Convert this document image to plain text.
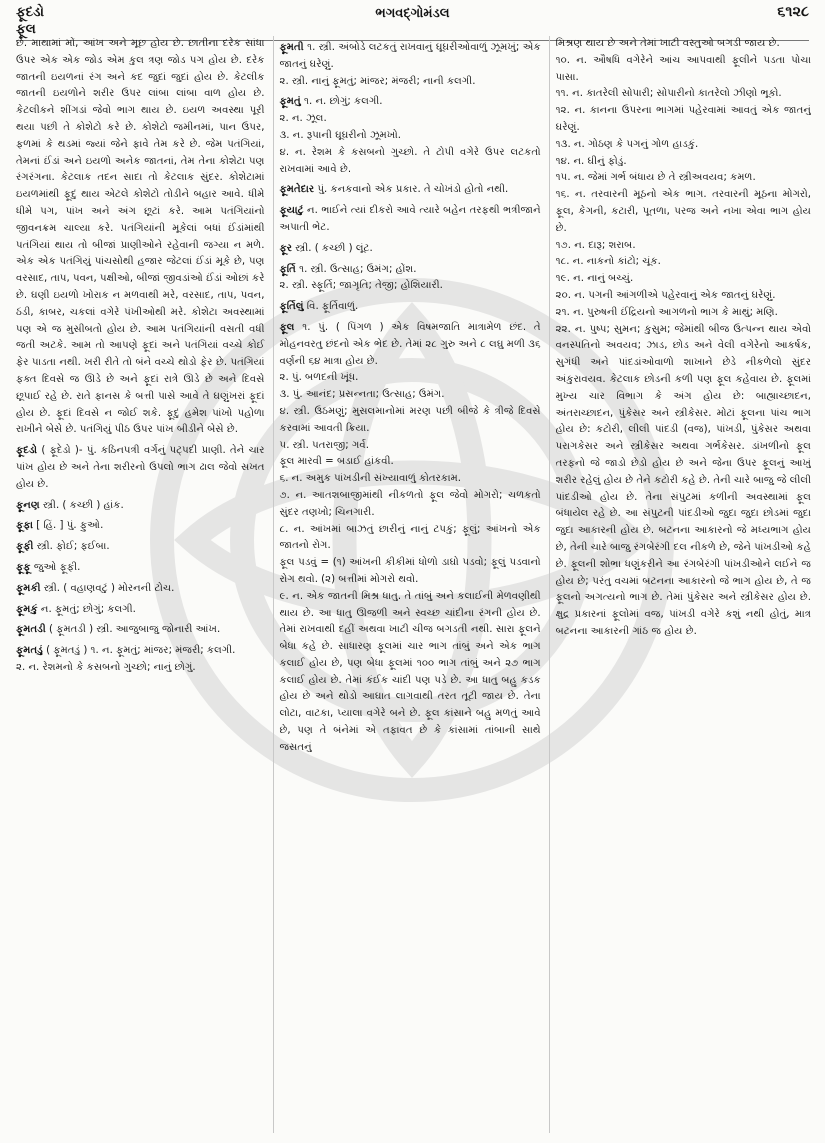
ફૂદડો
ફૂલ
ભગવદ્ગોમંડલ	૬૧૨૮

છે. માથામાં મોં, આંખ અને મૂછ હોય છે. છાતીના દરેક સાંધા ઉપર એક એક જોડ એમ કુલ ત્રણ જોડ પગ હોય છે. દરેક જાતની ઇયળનાં રંગ અને કદ જુદાં જુદાં હોય છે. કેટલીક જાતની ઇયળોને શરીર ઉપર લાંબા લાંબા વાળ હોય છે. કેટલીકને શીંગડાં જેવો ભાગ થાય છે. ઇયળ અવસ્થા પૂરી થયા પછી તે કોશેટો કરે છે. કોશેટો જમીનમાં, પાન ઉપર, ફળમાં કે થડમાં જ્યાં જેને ફાવે તેમ કરે છે. જેમ પતંગિયાં, તેમનાં ઈંડાં અને ઇયળો અનેક જાતનાં, તેમ તેના કોશેટા પણ રંગરંગના. કેટલાક તદન સાદા તો કેટલાક સુંદર. કોશેટામાં ઇયળમાંથી ફૂદું થાય એટલે કોશેટો તોડીને બહાર આવે. ધીમે ધીમે પગ, પાંખ અને અંગ છૂટાં કરે. આમ પતંગિયાંનો જીવનક્રમ ચાલ્યા કરે. પતંગિયાંની મૂકેલાં બધાં ઈંડાંમાંથી પતંગિયાં થાય તો બીજાં પ્રાણીઓને રહેવાની જગ્યા ન મળે. એક એક પતંગિયું પાંચસોથી હજાર જેટલાં ઈંડાં મૂકે છે, પણ વરસાદ, તાપ, પવન, પક્ષીઓ, બીજાં જીવડાંઓ ઈંડાં ઓછાં કરે છે. ઘણી ઇયળો ખોરાક ન મળવાથી મરે, વરસાદ, તાપ, પવન, ઠંડી, કાબર, ચકલાં વગેરે પંખીઓથી મરે. કોશેટા અવસ્થામાં પણ એ જ મુસીબતો હોય છે. આમ પતંગિયાંની વસતી વધી જતી અટકે. આમ તો આપણે ફૂદાં અને પતંગિયાં વચ્ચે કોઈ ફેર પાડતા નથી. ખરી રીતે તો બંને વચ્ચે થોડો ફેર છે. પતંગિયાં ફક્ત દિવસે જ ઊડે છે અને ફૂદાં રાત્રે ઊડે છે અને દિવસે છૂપાઈ રહે છે. રાતે ફાનસ કે બત્તી પાસે આવે તે ઘણુંખરાં ફૂદાં હોય છે. ફૂદાં દિવસે ન જોઈ શકે. ફૂદું હમેશ પાંખો પહોળા રાખીને બેસે છે. પતંગિયું પીઠ ઉપર પાંખ બીડીને બેસે છે.

ફૂદડો ( ફૂદેડો )- પું. કઠિનપત્રી વર્ગનું પટ્પદી પ્રાણી. તેને ચાર પાંખ હોય છે અને તેના શરીરનો ઉપલો ભાગ ઢાલ જેવો સખત હોય છે.

ફૂનણ સ્ત્રી. ( કચ્છી ) હાંક.

ફૂફા [ હિં. ] પું. ફુઓ.

ફૂફી સ્ત્રી. ફોઈ; ફઈબા.

ફૂફૂ જુઓ ફૂફી.

ફૂમકી સ્ત્રી. ( વહાણવટું ) મોરનની ટોચ.

ફૂમકું ન. ફૂમતું; છોગું; કલગી.

ફૂમતડી ( ફૂમતડી ) સ્ત્રી. આજુબાજુ જોનારી આંખ.

ફૂમતડું ( ફૂમતડું ) ૧. ન. ફૂમતું; માંજર; મંજરી; કલગી.

૨. ન. રેશમનો કે કસબનો ગુચ્છો; નાનું છોગું.

ફૂમતી ૧. સ્ત્રી. અંબોડે લટકતું રાખવાનું ઘૂઘરીઓવાળું ઝૂમખું; એક જાતનું ઘરેણું.

૨. સ્ત્રી. નાનું ફૂમતું; માંજર; મંજરી; નાની કલગી.

ફૂમતું ૧. ન. છોગું; કલગી.

૨. ન. ઝૂલ.

૩. ન. રૂપાની ઘૂઘરીનો ઝૂમખો.

૪. ન. રેશમ કે કસબનો ગુચ્છો. તે ટોપી વગેરે ઉપર લટકતો રાખવામાં આવે છે.

ફૂમતેદાર પું. કનકવાનો એક પ્રકાર. તે ચોખંડો હોતો નથી.

ફૂયાટું ન. ભાઈને ત્યાં દીકરો આવે ત્યારે બહેન તરફથી ભત્રીજાને અપાતી ભેટ.

ફૂર સ્ત્રી. ( કચ્છી ) લૂંટ.

ફૂર્તિ ૧. સ્ત્રી. ઉત્સાહ; ઉમંગ; હોંશ.

૨. સ્ત્રી. સ્ફૂર્તિ; જાગૃતિ; તેજી; હોશિયારી.

ફૂર્તિલું વિ. ફૂર્તિવાળું.

ફૂલ ૧. પું. ( પિંગળ ) એક વિષમજાતિ માત્રામેળ છંદ. તે મોહનવરતુ છંદનો એક ભેદ છે. તેમાં ૨૮ ગુરુ અને ૮ લઘુ મળી ૩૬ વર્ણની ૬૪ માત્રા હોય છે.

૨. પું. બળદની ખૂંધ.

૩. પું. આનંદ; પ્રસન્નતા; ઉત્સાહ; ઉમંગ.

૪. સ્ત્રી. ઉઠમણું; મુસલમાનોમાં મરણ પછી બીજે કે ત્રીજે દિવસે કરવામાં આવતી ક્રિયા.

૫. સ્ત્રી. પતરાજી; ગર્વ.

ફૂલ મારવી = બડાઈ હાંકવી.

૬. ન. અમુક પાંખડીની સંખ્યાવાળું કોતરકામ.

૭. ન. આતશબાજીમાંથી નીકળતો ફૂલ જેવો મોગરો; ચળકતો સુંદર તણખો; ચિનગારી.

૮. ન. આંખમાં બાઝતું છારીનું નાનું ટપકું; ફૂલું; આંખનો એક જાતનો રોગ.

ફૂલ પડવું = (૧) આંખની કીકીમાં ધોળો ડાઘો પડવો; ફૂલું પડવાનો રોગ થવો. (૨) બત્તીમાં મોગરો થવો.

૯. ન. એક જાતની મિશ્ર ધાતુ. તે તાંબું અને કલાઈની મેળવણીથી થાય છે. આ ધાતુ ઊજળી અને સ્વચ્છ ચાંદીના રંગની હોય છે. તેમાં રાખવાથી દહીં અથવા ખાટી ચીજ બગડતી નથી. સારા ફૂલને બેધા કહે છે. સાધારણ ફૂલમાં ચાર ભાગ તાંબું અને એક ભાગ કલાઈ હોય છે, પણ બેધા ફૂલમાં ૧૦૦ ભાગ તાંબું અને ૨૭ ભાગ કલાઈ હોય છે. તેમાં કંઈક ચાંદી પણ પડે છે. આ ધાતુ બહુ કડક હોય છે અને થોડો આઘાત લાગવાથી તરત તૂટી જાય છે. તેના લોટા, વાટકા, પ્યાલા વગેરે બને છે. ફૂલ કાંસાને બહુ મળતું આવે છે, પણ તે બંનેમાં એ તફાવત છે કે કાંસામાં તાંબાની સાથે જસતનું

મિશ્રણ થાય છે અને તેમાં ખાટી વસ્તુઓ બગડી જાય છે.

૧૦. ન. ઔષધિ વગેરેને આંચ આપવાથી ફૂલીને પડતા પોચા પાસા.

૧૧. ન. કાતરેલી સોપારી; સોપારીનો કાતરેલો ઝીણો ભૂકો.

૧૨. ન. કાનના ઉપરના ભાગમાં પહેરવામાં આવતું એક જાતનું ઘરેણું.

૧૩. ન. ગોઠણ કે પગનું ગોળ હાડકું.

૧૪. ન. ઘીનું ફોડું.

૧૫. ન. જેમાં ગર્ભ બંધાય છે તે સ્ત્રીઅવયવ; કમળ.

૧૬. ન. તરવારની મૂઠનો એક ભાગ. તરવારની મૂઠના મોગરો, ફૂલ, કેગની, કટારી, પૂતળા, પરજ અને નખા એવા ભાગ હોય છે.

૧૭. ન. દારૂ; શરાબ.

૧૮. ન. નાકનો કાંટો; ચૂંક.

૧૯. ન. નાનું બચ્ચું.

૨૦. ન. પગની આંગળીએ પહેરવાનું એક જાતનું ઘરેણું.

૨૧. ન. પુરુષની ઈંદ્રિયનો આગળનો ભાગ કે માથું; મણિ.

૨૨. ન. પુષ્પ; સુમન; કુસુમ; જેમાંથી બીજ ઉત્પન્ન થાય એવો વનસ્પતિનો અવયવ; ઝાડ, છોડ અને વેલી વગેરેનો આકર્ષક, સુગંધી અને પાંદડાંઓવાળો શાખાને છેડે નીકળેલો સુંદર અંકુરાવયવ. કેટલાક છોડની કળી પણ ફૂલ કહેવાય છે. ફૂલમાં મુખ્ય ચાર વિભાગ કે અંગ હોય છે: બાહ્યાચ્છાદન, અંતરાચ્છાદન, પુંકેસર અને સ્ત્રીકેસર. મોટાં ફૂલના પાંચ ભાગ હોય છે: કટોરી, લીલી પાંદડી (વજ), પાંખડી, પુંકેસર અથવા પરાગકેસર અને સ્ત્રીકેસર અથવા ગર્ભકેસર. ડાંખળીનો ફૂલ તરફનો જે જાડો છેડો હોય છે અને જેના ઉપર ફૂલનું આખું શરીર રહેલું હોય છે તેને કટોરી કહે છે. તેની ચારે બાજુ જે લીલી પાંદડીઓ હોય છે. તેના સંપુટમાં કળીની અવસ્થામાં ફૂલ બંધાયેલ રહે છે. આ સંપુટની પાંદડીઓ જુદા જુદા છોડમાં જુદા જુદા આકારની હોય છે. બટનના આકારનો જે મધ્યભાગ હોય છે, તેની ચારે બાજુ રંગબેરંગી દલ નીકળે છે, જેને પાંખડીઓ કહે છે. ફૂલની શોભા ધણુંકરીને આ રંગબેરંગી પાંખડીઓને લઈને જ હોય છે; પરંતુ વચમાં બટનના આકારનો જે ભાગ હોય છે, તે જ ફૂલનો અગત્યનો ભાગ છે. તેમાં પુંકેસર અને સ્ત્રીકેસર હોય છે. ક્ષુદ્ર પ્રકારનાં ફૂલોમાં વજ, પાંખડી વગેરે કશું નથી હોતું, માત્ર બટનના આકારની ગાંઠ જ હોય છે.
